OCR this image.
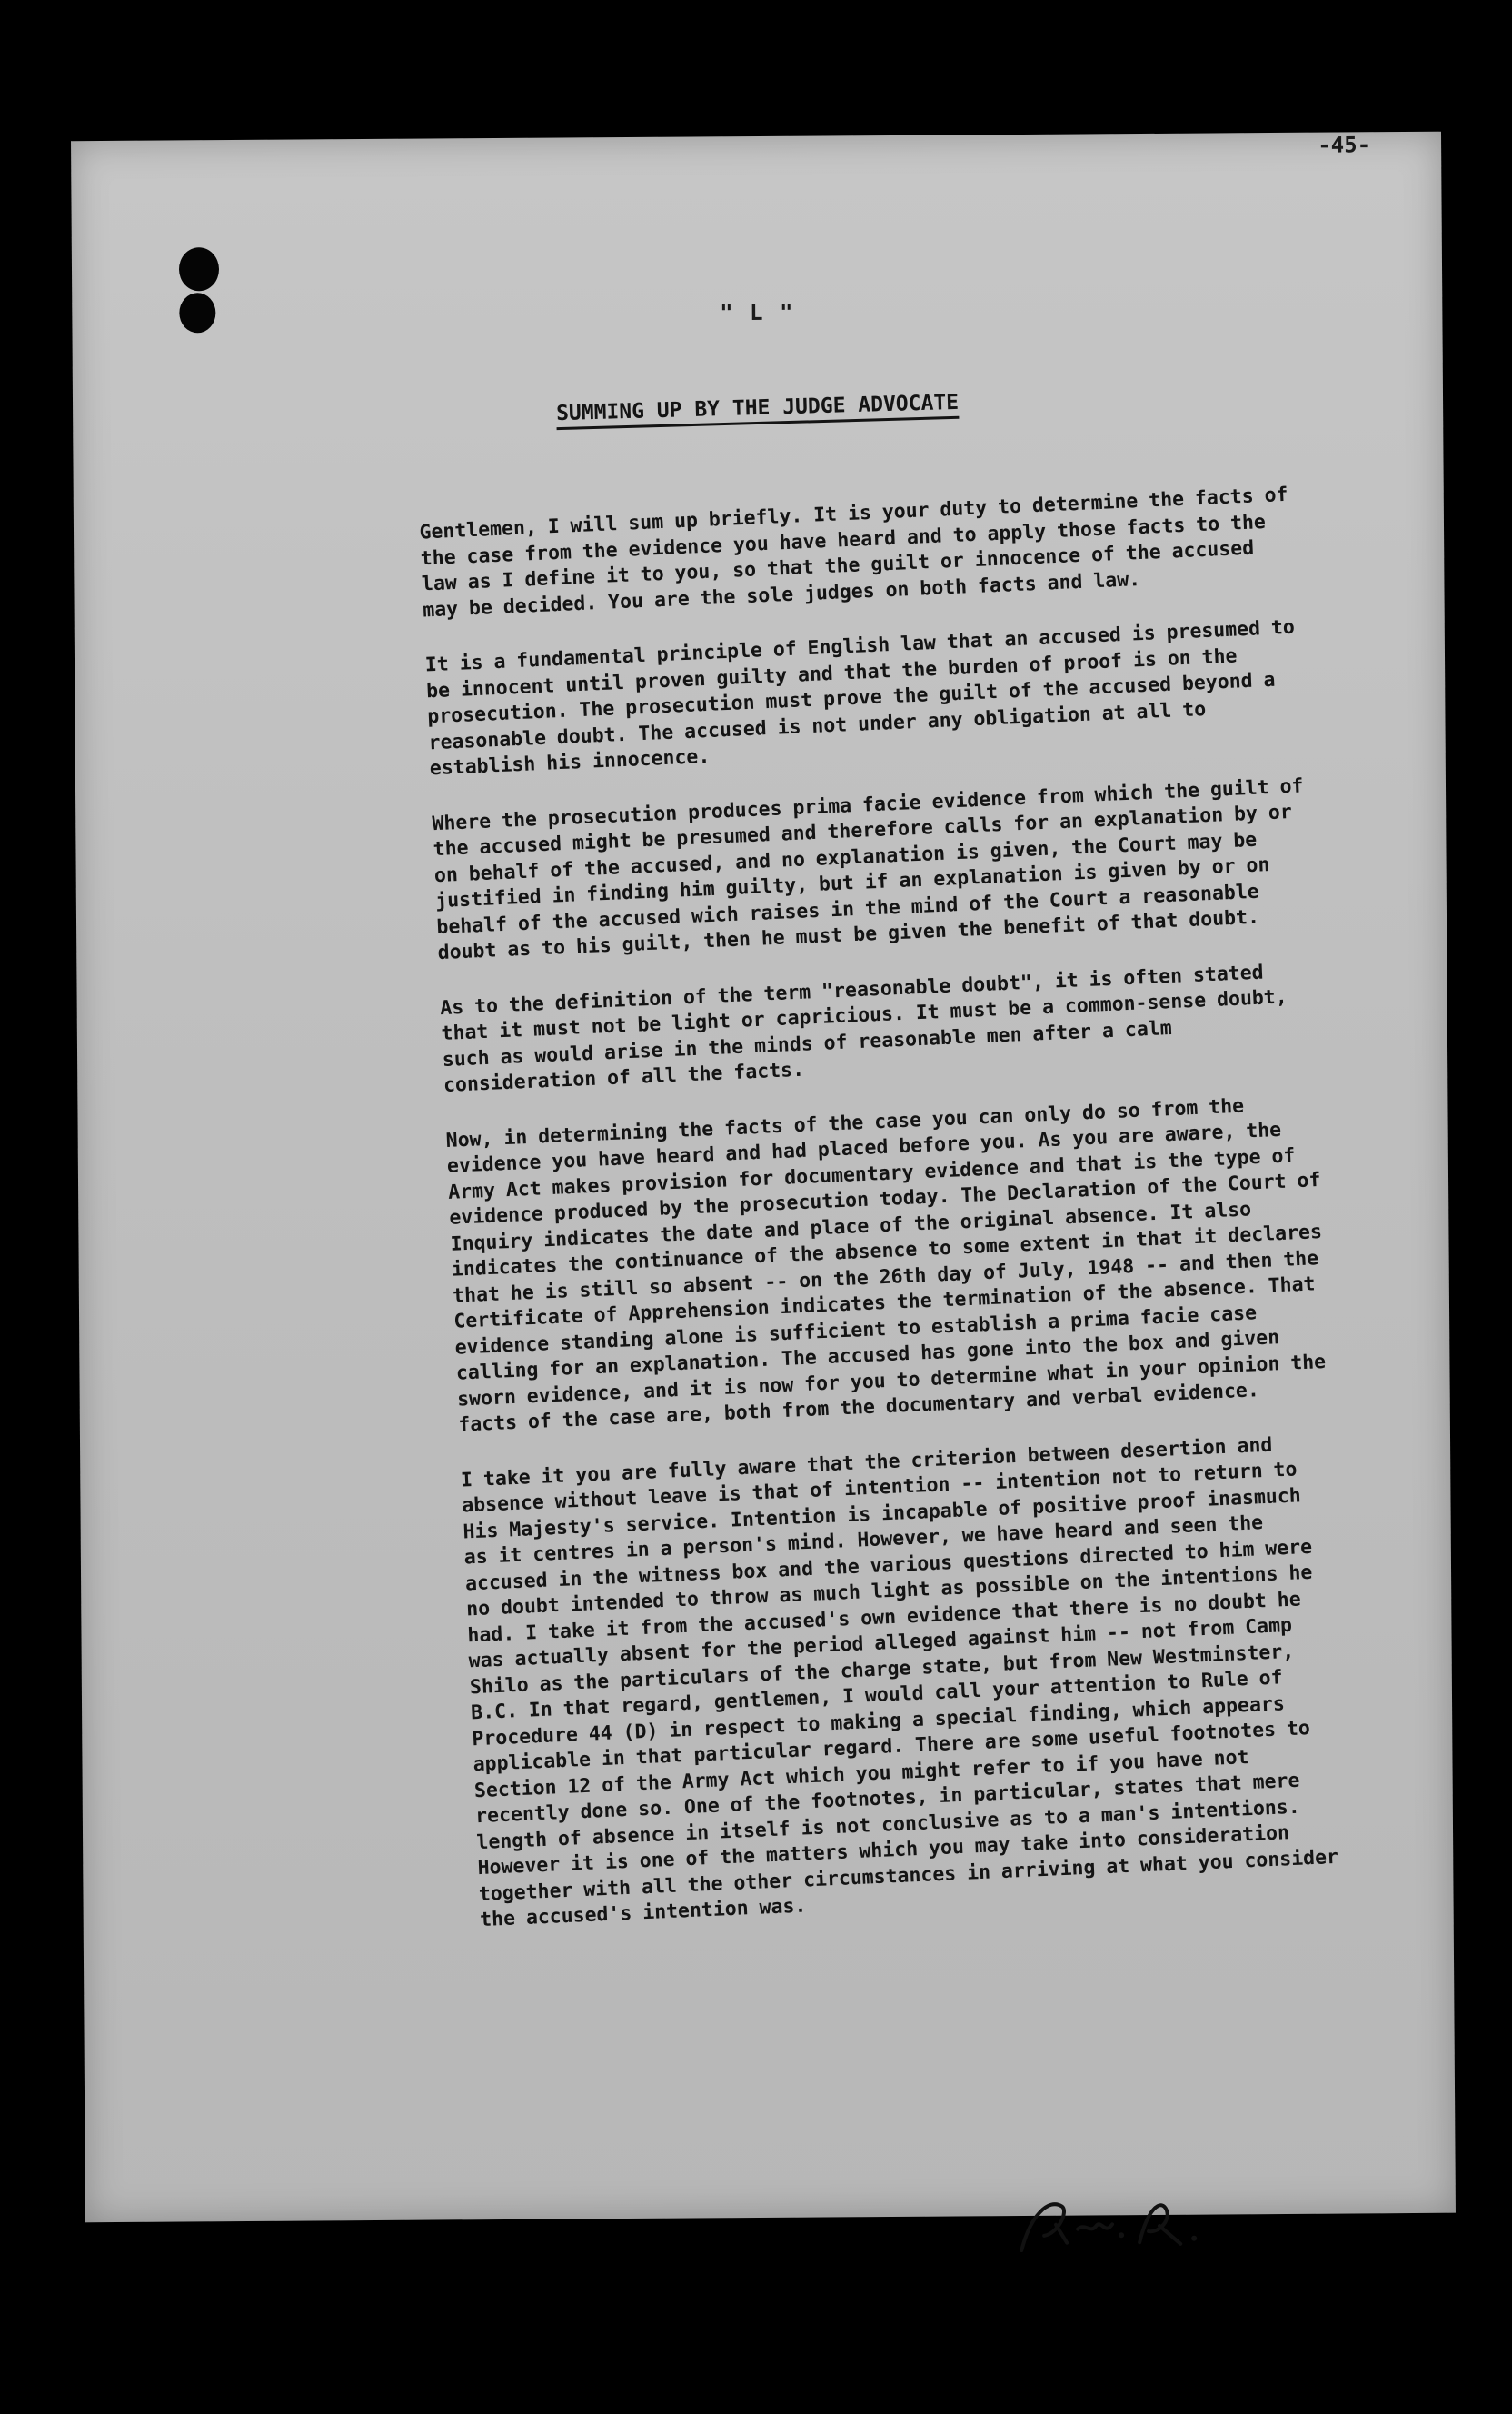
-45-
" L "
SUMMING UP BY THE JUDGE ADVOCATE

Gentlemen, I will sum up briefly. It is your duty to determine the facts of the case from the evidence you have heard and to apply those facts to the law as I define it to you, so that the guilt or innocence of the accused may be decided. You are the sole judges on both facts and law.

It is a fundamental principle of English law that an accused is presumed to be innocent until proven guilty and that the burden of proof is on the prosecution. The prosecution must prove the guilt of the accused beyond a reasonable doubt. The accused is not under any obligation at all to establish his innocence.

Where the prosecution produces prima facie evidence from which the guilt of the accused might be presumed and therefore calls for an explanation by or on behalf of the accused, and no explanation is given, the Court may be justified in finding him guilty, but if an explanation is given by or on behalf of the accused wich raises in the mind of the Court a reasonable doubt as to his guilt, then he must be given the benefit of that doubt.

As to the definition of the term "reasonable doubt", it is often stated that it must not be light or capricious. It must be a common-sense doubt, such as would arise in the minds of reasonable men after a calm consideration of all the facts.

Now, in determining the facts of the case you can only do so from the evidence you have heard and had placed before you. As you are aware, the Army Act makes provision for documentary evidence and that is the type of evidence produced by the prosecution today. The Declaration of the Court of Inquiry indicates the date and place of the original absence. It also indicates the continuance of the absence to some extent in that it declares that he is still so absent -- on the 26th day of July, 1948 -- and then the Certificate of Apprehension indicates the termination of the absence. That evidence standing alone is sufficient to establish a prima facie case calling for an explanation. The accused has gone into the box and given sworn evidence, and it is now for you to determine what in your opinion the facts of the case are, both from the documentary and verbal evidence.

I take it you are fully aware that the criterion between desertion and absence without leave is that of intention -- intention not to return to His Majesty's service. Intention is incapable of positive proof inasmuch as it centres in a person's mind. However, we have heard and seen the accused in the witness box and the various questions directed to him were no doubt intended to throw as much light as possible on the intentions he had. I take it from the accused's own evidence that there is no doubt he was actually absent for the period alleged against him -- not from Camp Shilo as the particulars of the charge state, but from New Westminster, B.C. In that regard, gentlemen, I would call your attention to Rule of Procedure 44 (D) in respect to making a special finding, which appears applicable in that particular regard. There are some useful footnotes to Section 12 of the Army Act which you might refer to if you have not recently done so. One of the footnotes, in particular, states that mere length of absence in itself is not conclusive as to a man's intentions. However it is one of the matters which you may take into consideration together with all the other circumstances in arriving at what you consider the accused's intention was.
